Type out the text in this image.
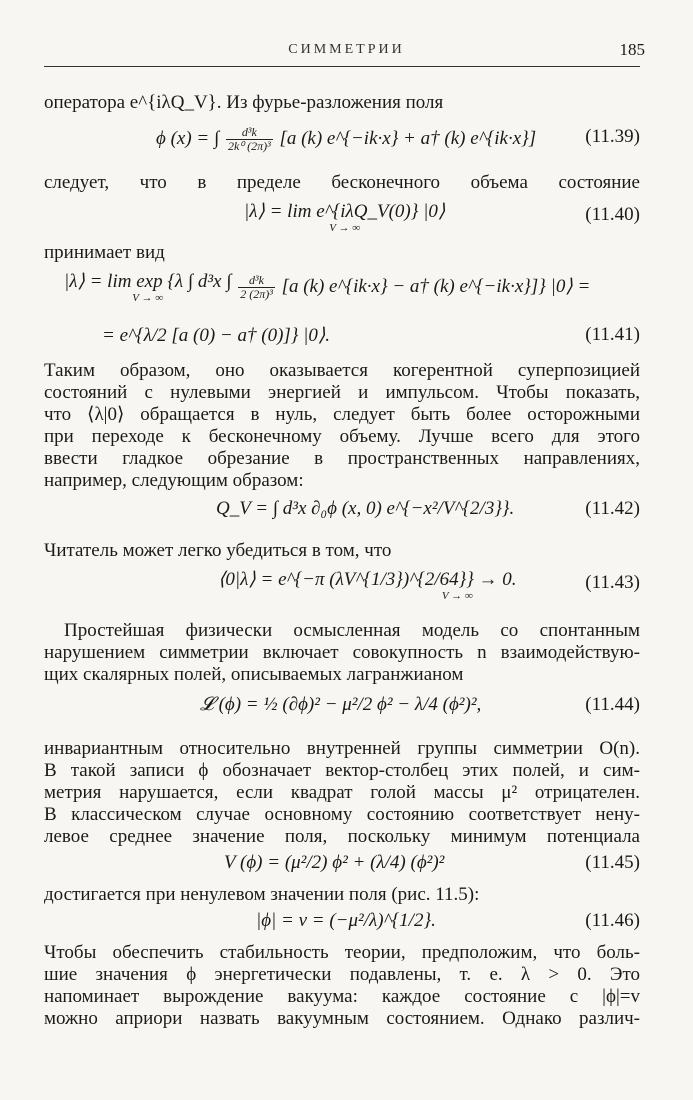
СИММЕТРИИ	185
оператора e^{iλQ_V}. Из фурье-разложения поля
ϕ (x) = ∫ $\frac{\text{d³k}}{\text{2k⁰ (2π)³}} [a$ (k) e^{−ik·x} + a† (k) e^{ik·x}]	(11.39)
следует, что в пределе бесконечного объема состояние
|λ⟩ = lim e^{iλQ_V(0)} |0⟩
V → ∞
(11.40)
принимает вид
|λ⟩ = lim exp {λ ∫ d³x ∫
V → ∞
	$\frac{\text{d³k}}{\text{2 (2π)³}} [a$ (k) e^{ik·x} − a† (k) e^{−ik·x}]} |0⟩ =
= e^{λ/2 [a (0) − a† (0)]} |0⟩.	(11.41)
Таким образом, оно оказывается когерентной суперпозицией
состояний с нулевыми энергией и импульсом. Чтобы показать,
что ⟨λ|0⟩ обращается в нуль, следует быть более осторожными
при переходе к бесконечному объему. Лучше всего для этого
ввести гладкое обрезание в пространственных направлениях,
например, следующим образом:
Q_V = ∫ d³x ∂₀ϕ (x, 0) e^{−x²/V^{2/3}}.	(11.42)
Читатель может легко убедиться в том, что
⟨0|λ⟩ = e^{−π (λV^{1/3})^{2/64}} → 0.
V → ∞
(11.43)
Простейшая физически осмысленная модель со спонтанным
нарушением симметрии включает совокупность n взаимодействую-
щих скалярных полей, описываемых лагранжианом
𝓛 (ϕ) = ½ (∂ϕ)² − μ²/2 ϕ² − λ/4 (ϕ²)²,	(11.44)
инвариантным относительно внутренней группы симметрии O(n).
В такой записи ϕ обозначает вектор-столбец этих полей, и сим-
метрия нарушается, если квадрат голой массы μ² отрицателен.
В классическом случае основному состоянию соответствует нену-
левое среднее значение поля, поскольку минимум потенциала
V (ϕ) = (μ²/2) ϕ² + (λ/4) (ϕ²)²	(11.45)
достигается при ненулевом значении поля (рис. 11.5):
|ϕ| = v = (−μ²/λ)^{1/2}.	(11.46)
Чтобы обеспечить стабильность теории, предположим, что боль-
шие значения ϕ энергетически подавлены, т. е. λ > 0. Это
напоминает вырождение вакуума: каждое состояние с |ϕ|=v
можно априори назвать вакуумным состоянием. Однако различ-
